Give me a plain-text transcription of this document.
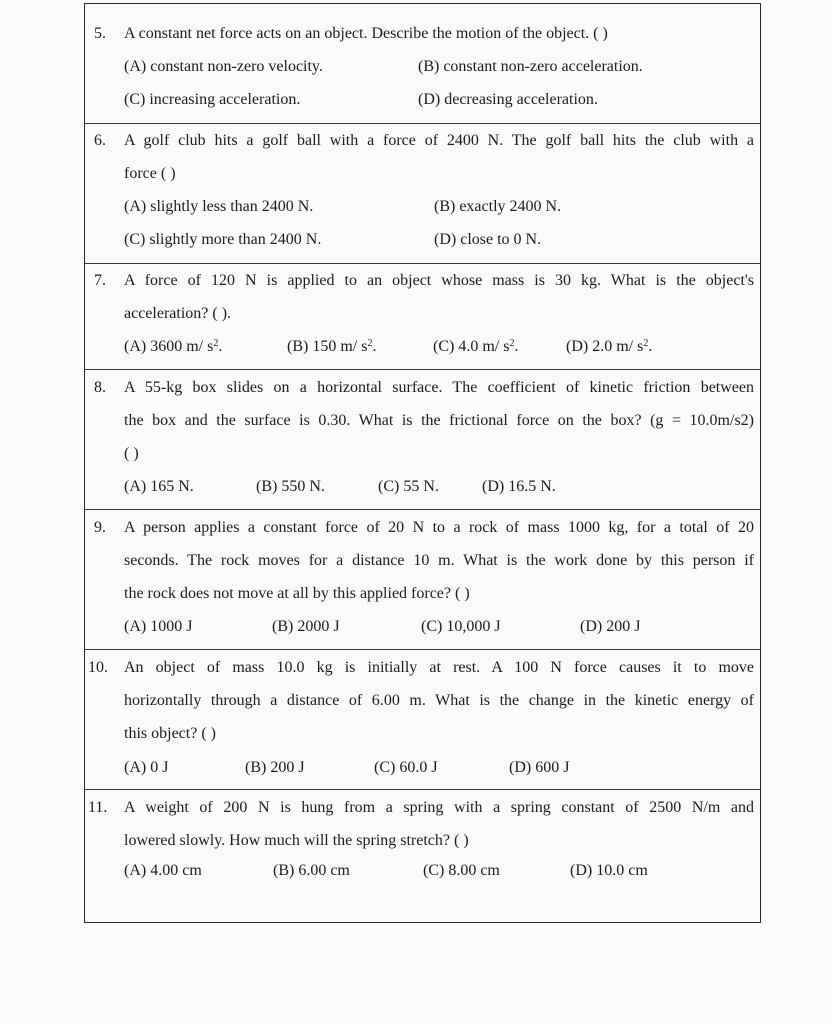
5. A constant net force acts on an object. Describe the motion of the object. ( )
(A) constant non-zero velocity.	(B) constant non-zero acceleration.
(C) increasing acceleration.	(D) decreasing acceleration.
6. A golf club hits a golf ball with a force of 2400 N. The golf ball hits the club with a
force ( )
(A) slightly less than 2400 N.	(B) exactly 2400 N.
(C) slightly more than 2400 N.	(D) close to 0 N.
7. A force of 120 N is applied to an object whose mass is 30 kg. What is the object's
acceleration? ( ).
(A) 3600 m/ $s^2$.	(B) 150 m/ $s^2$.	(C) 4.0 m/ $s^2$.	(D) 2.0 m/ $s^2$.
8. A 55-kg box slides on a horizontal surface. The coefficient of kinetic friction between
the box and the surface is 0.30. What is the frictional force on the box? (g = 10.0m/s2)
( )
(A) 165 N.	(B) 550 N.	(C) 55 N.	(D) 16.5 N.
9. A person applies a constant force of 20 N to a rock of mass 1000 kg, for a total of 20
seconds. The rock moves for a distance 10 m. What is the work done by this person if
the rock does not move at all by this applied force? ( )
(A) 1000 J	(B) 2000 J	(C) 10,000 J	(D) 200 J
10. An object of mass 10.0 kg is initially at rest. A 100 N force causes it to move
horizontally through a distance of 6.00 m. What is the change in the kinetic energy of
this object? ( )
(A) 0 J	(B) 200 J	(C) 60.0 J	(D) 600 J
11. A weight of 200 N is hung from a spring with a spring constant of 2500 N/m and
lowered slowly. How much will the spring stretch? ( )
(A) 4.00 cm	(B) 6.00 cm	(C) 8.00 cm	(D) 10.0 cm
